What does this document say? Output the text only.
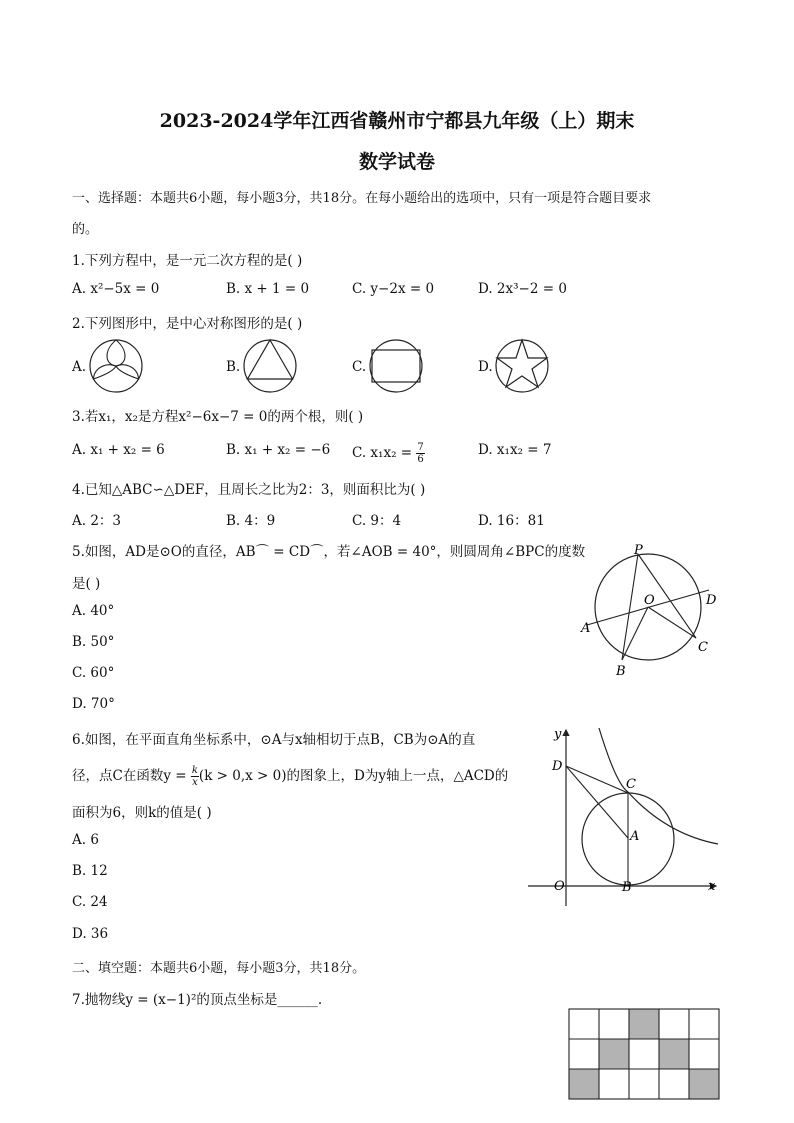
2023-2024学年江西省赣州市宁都县九年级（上）期末
数学试卷
一、选择题：本题共6小题，每小题3分，共18分。在每小题给出的选项中，只有一项是符合题目要求
的。
1.下列方程中，是一元二次方程的是( )
A. x²−5x = 0	B. x + 1 = 0	C. y−2x = 0	D. 2x³−2 = 0
2.下列图形中，是中心对称图形的是( )
A.	B.	C.	D.
3.若x₁，x₂是方程x²−6x−7 = 0的两个根，则( )
A. x₁ + x₂ = 6	B. x₁ + x₂ = −6 C. $x_1x_2 = \frac{7}{6}$	D. x₁x₂ = 7
4.已知△ABC∽△DEF，且周长之比为2：3，则面积比为( )
A. 2：3	B. 4：9	C. 9：4	D. 16：81
5.如图，AD是⊙O的直径，AB⌒ = CD⌒，若∠AOB = 40°，则圆周角∠BPC的度数
是( )
A. 40°
B. 50°
C. 60°
D. 70°
P
O	D
A
C
B
6.如图，在平面直角坐标系中，⊙A与x轴相切于点B，CB为⊙A的直
径，点C在函数$y = \frac{k}{x} (k > 0,x > 0)$的图象上，D为y轴上一点，△ACD的
面积为6，则k的值是( )
A. 6
B. 12
C. 24
D. 36
y
x
D
C
A
O	B
二、填空题：本题共6小题，每小题3分，共18分。
7.抛物线y = (x−1)²的顶点坐标是______.
